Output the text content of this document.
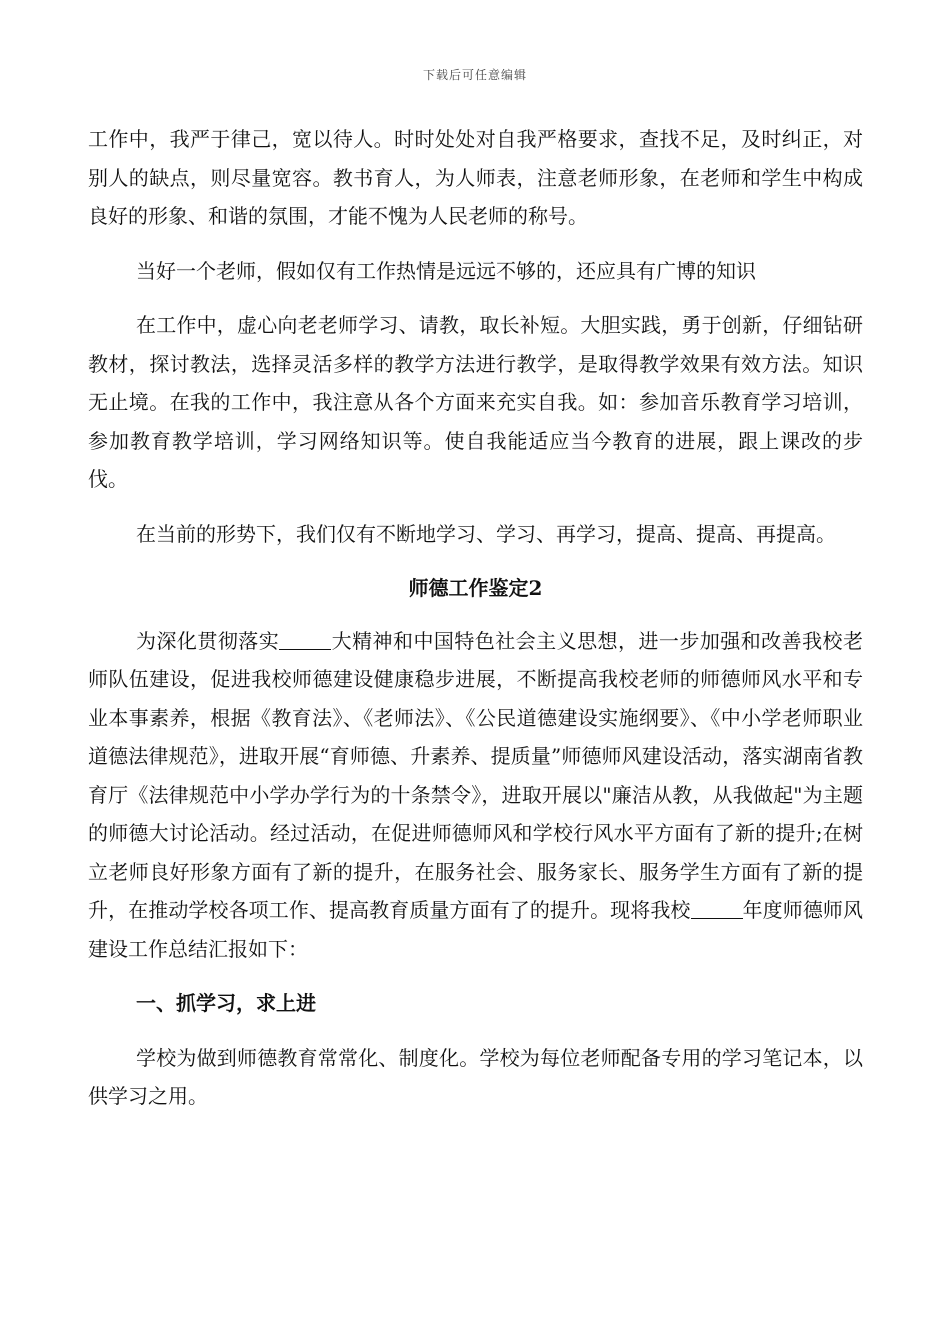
下载后可任意编辑

工作中，我严于律己，宽以待人。时时处处对自我严格要求，查找不足，及时纠正，对别人的缺点，则尽量宽容。教书育人，为人师表，注意老师形象，在老师和学生中构成良好的形象、和谐的氛围，才能不愧为人民老师的称号。

当好一个老师，假如仅有工作热情是远远不够的，还应具有广博的知识

在工作中，虚心向老老师学习、请教，取长补短。大胆实践，勇于创新，仔细钻研教材，探讨教法，选择灵活多样的教学方法进行教学，是取得教学效果有效方法。知识无止境。在我的工作中，我注意从各个方面来充实自我。如：参加音乐教育学习培训，参加教育教学培训，学习网络知识等。使自我能适应当今教育的进展，跟上课改的步伐。

在当前的形势下，我们仅有不断地学习、学习、再学习，提高、提高、再提高。

师德工作鉴定2

为深化贯彻落实	大精神和中国特色社会主义思想，进一步加强和改善我校老师队伍建设，促进我校师德建设健康稳步进展，不断提高我校老师的师德师风水平和专业本事素养，根据《教育法》、《老师法》、《公民道德建设实施纲要》、《中小学老师职业道德法律规范》，进取开展“育师德、升素养、提质量”师德师风建设活动，落实湖南省教育厅《法律规范中小学办学行为的十条禁令》，进取开展以"廉洁从教，从我做起"为主题的师德大讨论活动。经过活动，在促进师德师风和学校行风水平方面有了新的提升;在树立老师良好形象方面有了新的提升，在服务社会、服务家长、服务学生方面有了新的提升，在推动学校各项工作、提高教育质量方面有了的提升。现将我校	年度师德师风建设工作总结汇报如下：

一、抓学习，求上进

学校为做到师德教育常常化、制度化。学校为每位老师配备专用的学习笔记本，以供学习之用。
